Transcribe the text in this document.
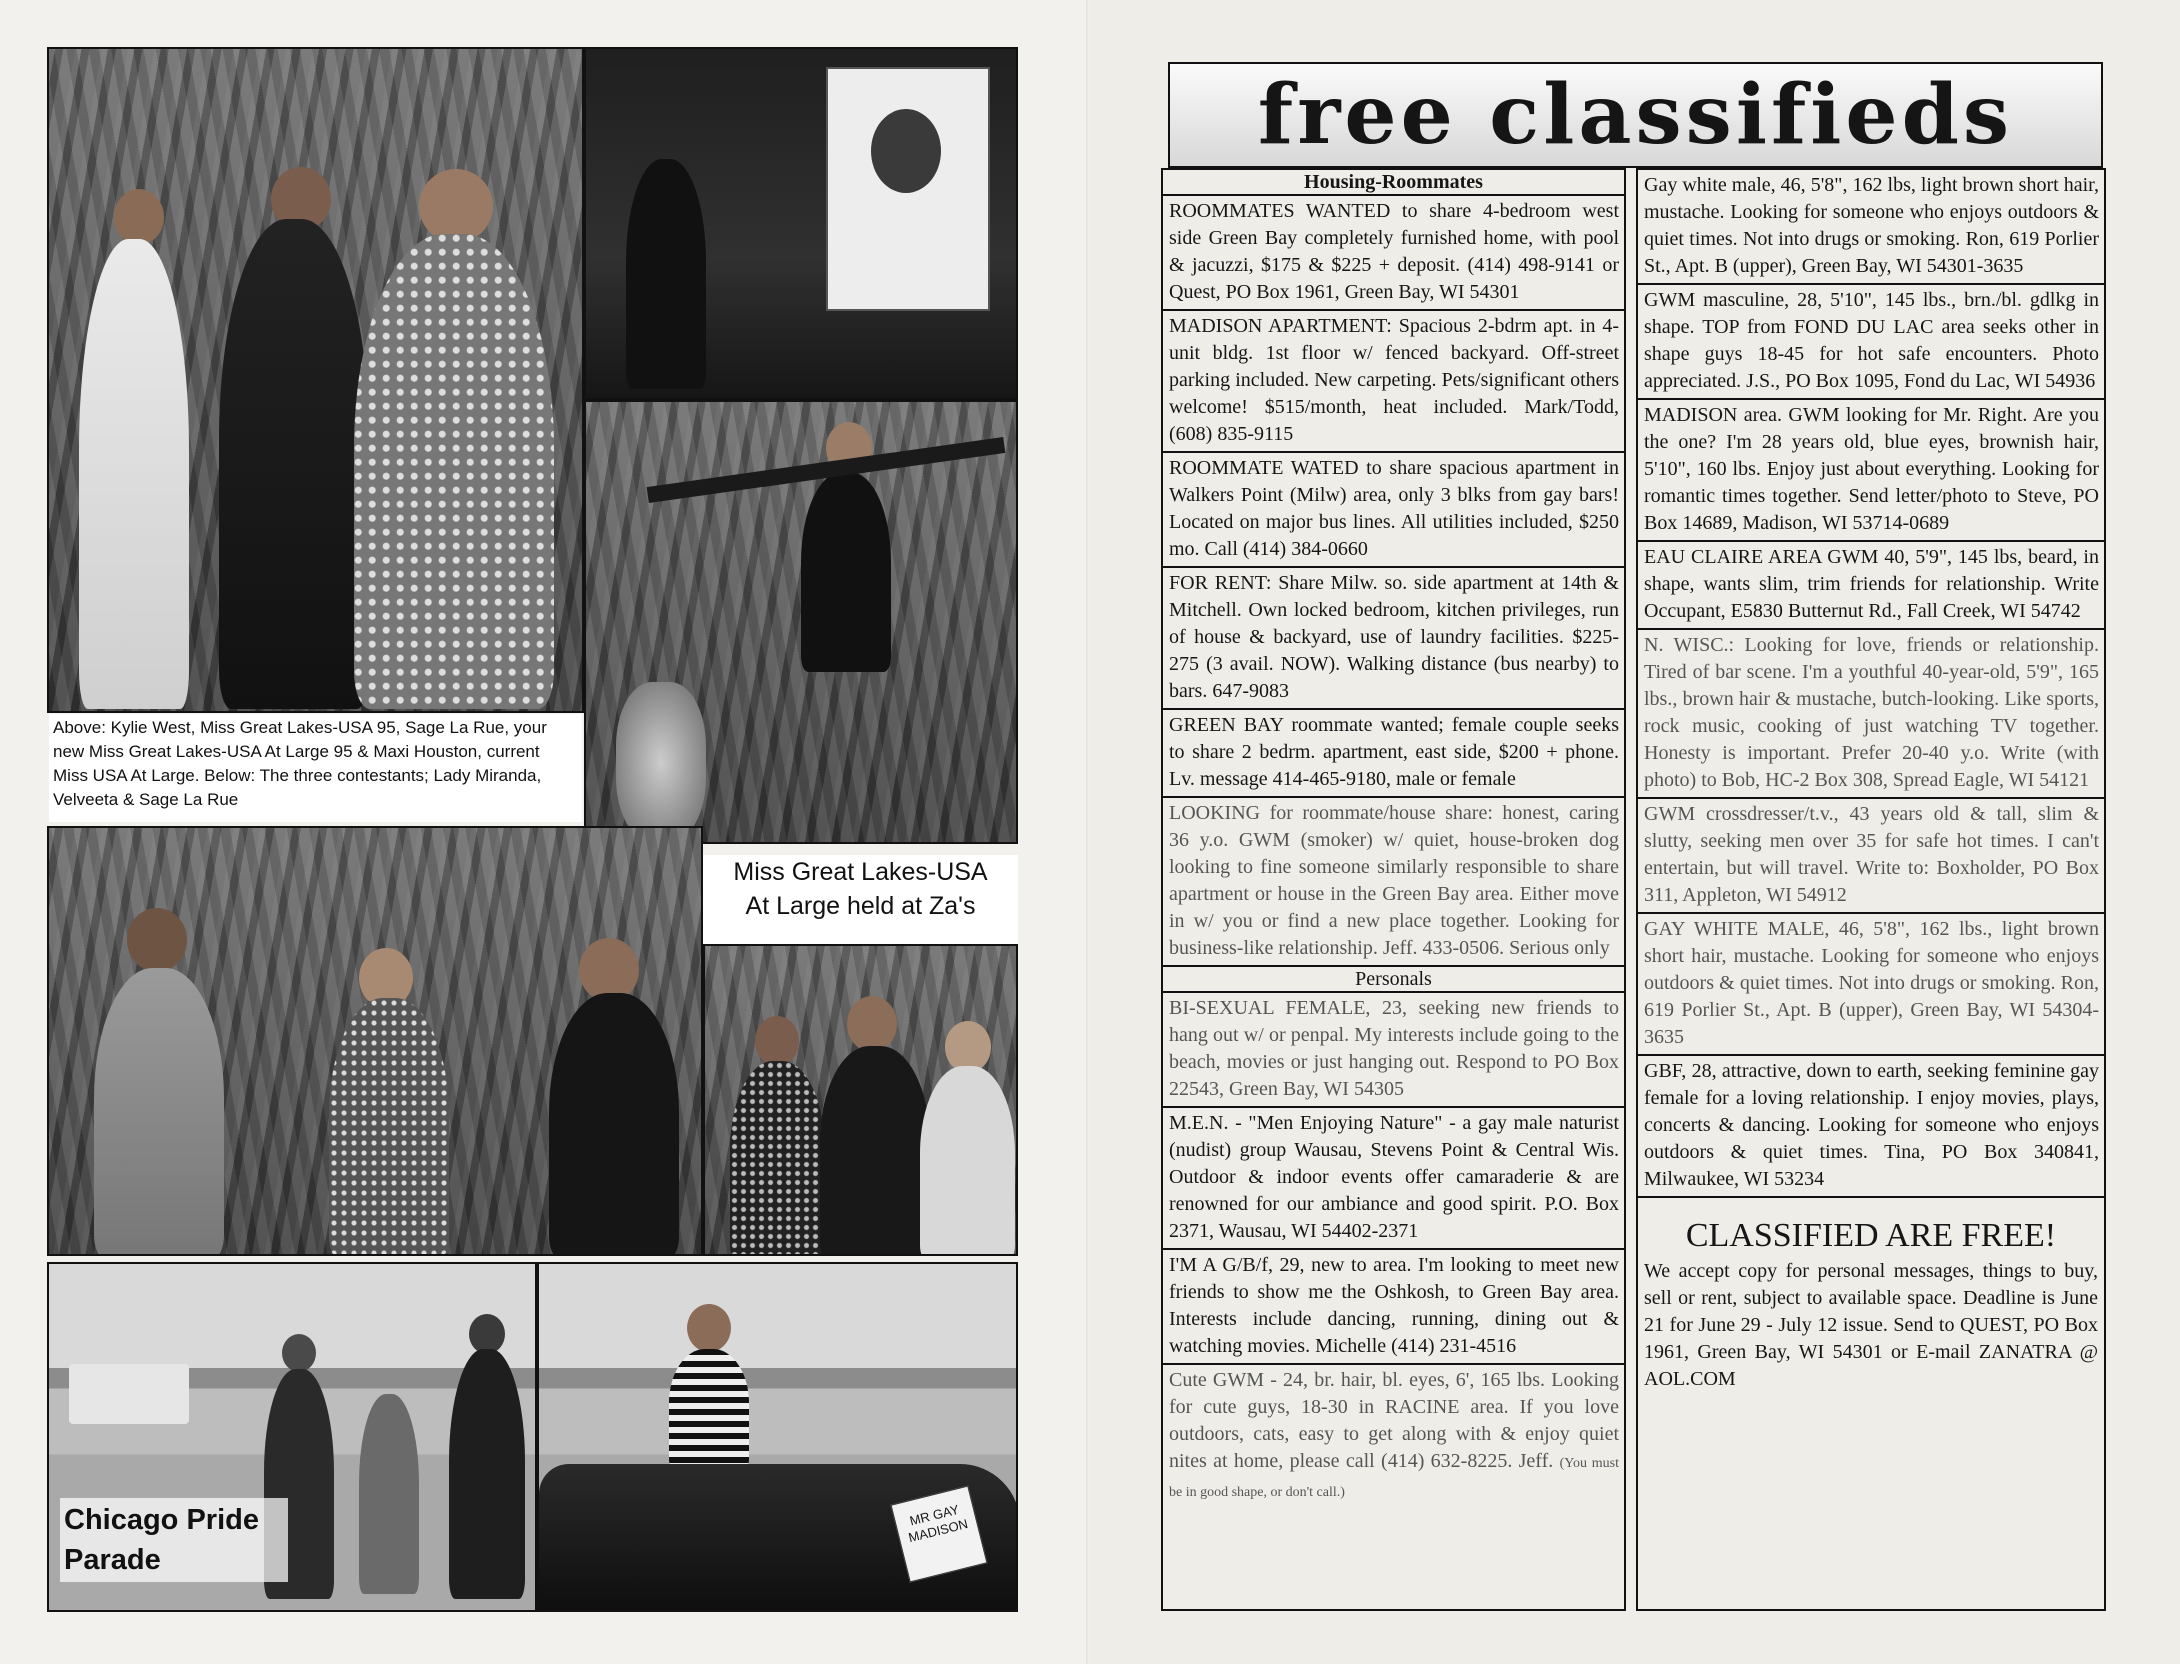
Above: Kylie West, Miss Great Lakes-USA 95, Sage La Rue, your new Miss Great Lakes-USA At Large 95 & Maxi Houston, current Miss USA At Large. Below: The three contestants; Lady Miranda, Velveeta & Sage La Rue
Miss Great Lakes-USA At Large held at Za's
Chicago Pride Parade
MR GAY MADISON
free classifieds
Housing-Roommates
ROOMMATES WANTED to share 4-bedroom west side Green Bay completely furnished home, with pool & jacuzzi, $175 & $225 + deposit. (414) 498-9141 or Quest, PO Box 1961, Green Bay, WI 54301
MADISON APARTMENT: Spacious 2-bdrm apt. in 4-unit bldg. 1st floor w/ fenced backyard. Off-street parking included. New carpeting. Pets/significant others welcome! $515/month, heat included. Mark/Todd, (608) 835-9115
ROOMMATE WATED to share spacious apartment in Walkers Point (Milw) area, only 3 blks from gay bars! Located on major bus lines. All utilities included, $250 mo. Call (414) 384-0660
FOR RENT: Share Milw. so. side apartment at 14th & Mitchell. Own locked bedroom, kitchen privileges, run of house & backyard, use of laundry facilities. $225-275 (3 avail. NOW). Walking distance (bus nearby) to bars. 647-9083
GREEN BAY roommate wanted; female couple seeks to share 2 bedrm. apartment, east side, $200 + phone. Lv. message 414-465-9180, male or female
LOOKING for roommate/house share: honest, caring 36 y.o. GWM (smoker) w/ quiet, house-broken dog looking to fine someone similarly responsible to share apartment or house in the Green Bay area. Either move in w/ you or find a new place together. Looking for business-like relationship. Jeff. 433-0506. Serious only
Personals
BI-SEXUAL FEMALE, 23, seeking new friends to hang out w/ or penpal. My interests include going to the beach, movies or just hanging out. Respond to PO Box 22543, Green Bay, WI 54305
M.E.N. - "Men Enjoying Nature" - a gay male naturist (nudist) group Wausau, Stevens Point & Central Wis. Outdoor & indoor events offer camaraderie & are renowned for our ambiance and good spirit. P.O. Box 2371, Wausau, WI 54402-2371
I'M A G/B/f, 29, new to area. I'm looking to meet new friends to show me the Oshkosh, to Green Bay area. Interests include dancing, running, dining out & watching movies. Michelle (414) 231-4516
Cute GWM - 24, br. hair, bl. eyes, 6', 165 lbs. Looking for cute guys, 18-30 in RACINE area. If you love outdoors, cats, easy to get along with & enjoy quiet nites at home, please call (414) 632-8225. Jeff. (You must be in good shape, or don't call.)
Gay white male, 46, 5'8", 162 lbs, light brown short hair, mustache. Looking for someone who enjoys outdoors & quiet times. Not into drugs or smoking. Ron, 619 Porlier St., Apt. B (upper), Green Bay, WI 54301-3635
GWM masculine, 28, 5'10", 145 lbs., brn./bl. gdlkg in shape. TOP from FOND DU LAC area seeks other in shape guys 18-45 for hot safe encounters. Photo appreciated. J.S., PO Box 1095, Fond du Lac, WI 54936
MADISON area. GWM looking for Mr. Right. Are you the one? I'm 28 years old, blue eyes, brownish hair, 5'10", 160 lbs. Enjoy just about everything. Looking for romantic times together. Send letter/photo to Steve, PO Box 14689, Madison, WI 53714-0689
EAU CLAIRE AREA GWM 40, 5'9", 145 lbs, beard, in shape, wants slim, trim friends for relationship. Write Occupant, E5830 Butternut Rd., Fall Creek, WI 54742
N. WISC.: Looking for love, friends or relationship. Tired of bar scene. I'm a youthful 40-year-old, 5'9", 165 lbs., brown hair & mustache, butch-looking. Like sports, rock music, cooking of just watching TV together. Honesty is important. Prefer 20-40 y.o. Write (with photo) to Bob, HC-2 Box 308, Spread Eagle, WI 54121
GWM crossdresser/t.v., 43 years old & tall, slim & slutty, seeking men over 35 for safe hot times. I can't entertain, but will travel. Write to: Boxholder, PO Box 311, Appleton, WI 54912
GAY WHITE MALE, 46, 5'8", 162 lbs., light brown short hair, mustache. Looking for someone who enjoys outdoors & quiet times. Not into drugs or smoking. Ron, 619 Porlier St., Apt. B (upper), Green Bay, WI 54304-3635
GBF, 28, attractive, down to earth, seeking feminine gay female for a loving relationship. I enjoy movies, plays, concerts & dancing. Looking for someone who enjoys outdoors & quiet times. Tina, PO Box 340841, Milwaukee, WI 53234
CLASSIFIED ARE FREE!
We accept copy for personal messages, things to buy, sell or rent, subject to available space. Deadline is June 21 for June 29 - July 12 issue. Send to QUEST, PO Box 1961, Green Bay, WI 54301 or E-mail ZANATRA @ AOL.COM
